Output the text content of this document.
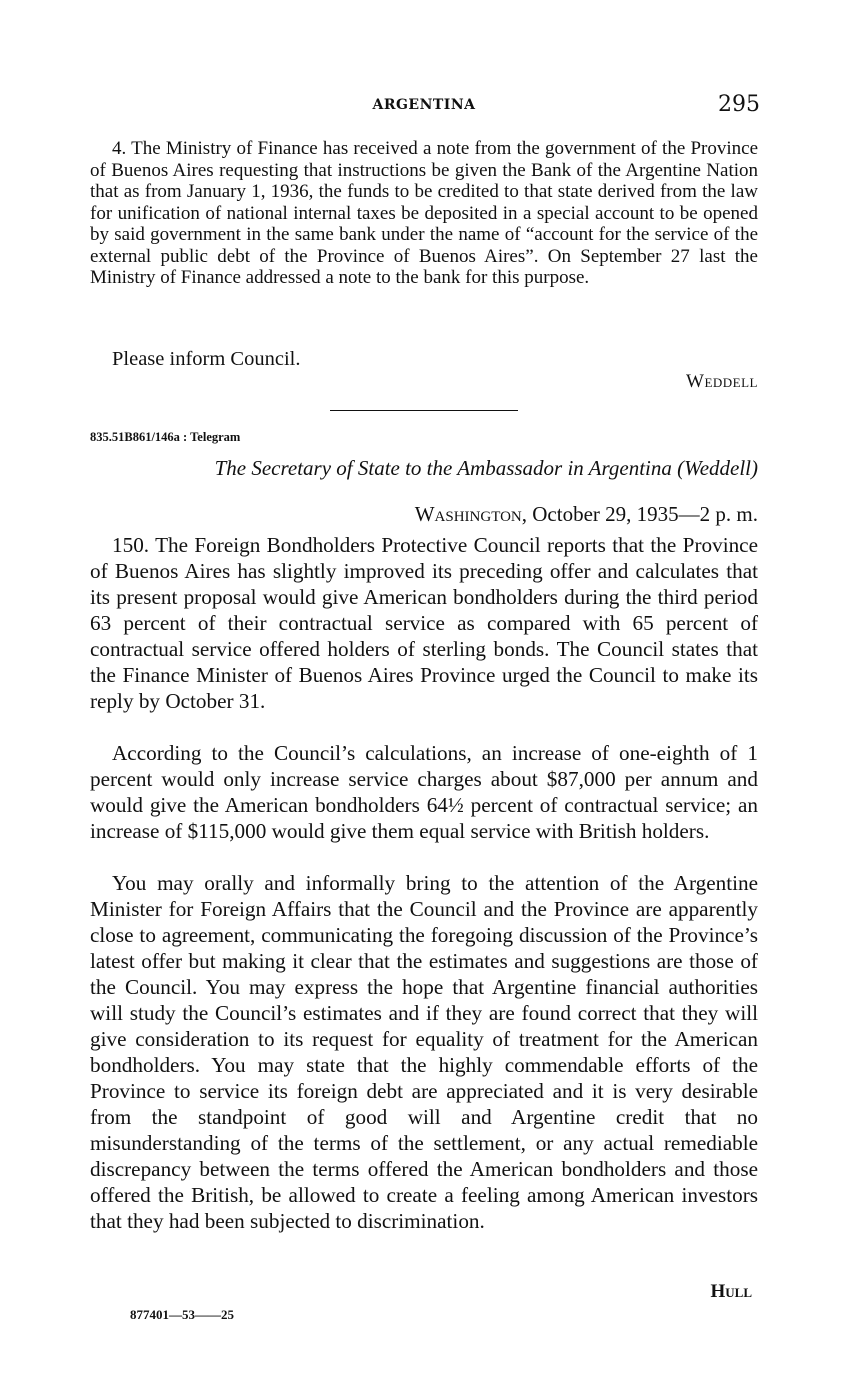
ARGENTINA	295

4. The Ministry of Finance has received a note from the government of the Province of Buenos Aires requesting that instructions be given the Bank of the Argentine Nation that as from January 1, 1936, the funds to be credited to that state derived from the law for unification of national internal taxes be deposited in a special account to be opened by said government in the same bank under the name of “account for the service of the external public debt of the Province of Buenos Aires”. On September 27 last the Ministry of Finance addressed a note to the bank for this purpose.

Please inform Council.

Weddell
835.51B861/146a : Telegram
The Secretary of State to the Ambassador in Argentina (Weddell)
Washington, October 29, 1935—2 p. m.

150. The Foreign Bondholders Protective Council reports that the Province of Buenos Aires has slightly improved its preceding offer and calculates that its present proposal would give American bondholders during the third period 63 percent of their contractual service as compared with 65 percent of contractual service offered holders of sterling bonds. The Council states that the Finance Minister of Buenos Aires Province urged the Council to make its reply by October 31.

According to the Council’s calculations, an increase of one-eighth of 1 percent would only increase service charges about $87,000 per annum and would give the American bondholders 64½ percent of contractual service; an increase of $115,000 would give them equal service with British holders.

You may orally and informally bring to the attention of the Argentine Minister for Foreign Affairs that the Council and the Province are apparently close to agreement, communicating the foregoing discussion of the Province’s latest offer but making it clear that the estimates and suggestions are those of the Council. You may express the hope that Argentine financial authorities will study the Council’s estimates and if they are found correct that they will give consideration to its request for equality of treatment for the American bondholders. You may state that the highly commendable efforts of the Province to service its foreign debt are appreciated and it is very desirable from the standpoint of good will and Argentine credit that no misunderstanding of the terms of the settlement, or any actual remediable discrepancy between the terms offered the American bondholders and those offered the British, be allowed to create a feeling among American investors that they had been subjected to discrimination.

Hull
877401—53——25
